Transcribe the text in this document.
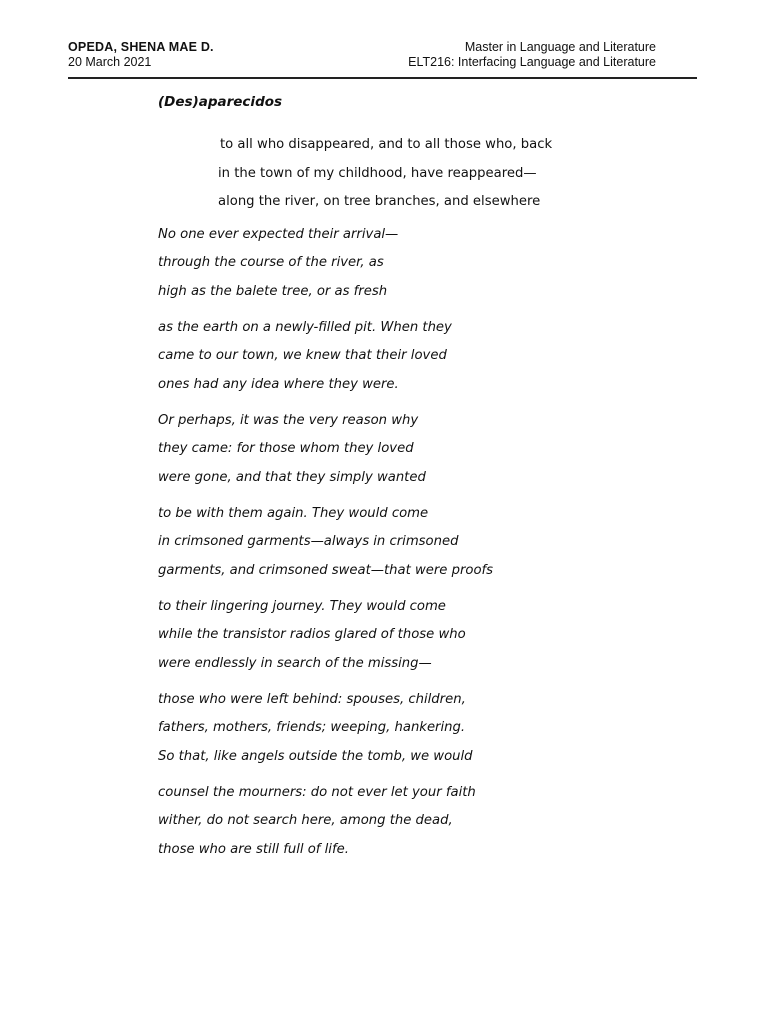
OPEDA, SHENA MAE D.
20 March 2021
Master in Language and Literature
ELT216: Interfacing Language and Literature
(Des)aparecidos
to all who disappeared, and to all those who, back
in the town of my childhood, have reappeared—
along the river, on tree branches, and elsewhere
No one ever expected their arrival—
through the course of the river, as
high as the balete tree, or as fresh
as the earth on a newly-filled pit. When they
came to our town, we knew that their loved
ones had any idea where they were.
Or perhaps, it was the very reason why
they came: for those whom they loved
were gone, and that they simply wanted
to be with them again. They would come
in crimsoned garments—always in crimsoned
garments, and crimsoned sweat—that were proofs
to their lingering journey. They would come
while the transistor radios glared of those who
were endlessly in search of the missing—
those who were left behind: spouses, children,
fathers, mothers, friends; weeping, hankering.
So that, like angels outside the tomb, we would
counsel the mourners: do not ever let your faith
wither, do not search here, among the dead,
those who are still full of life.
